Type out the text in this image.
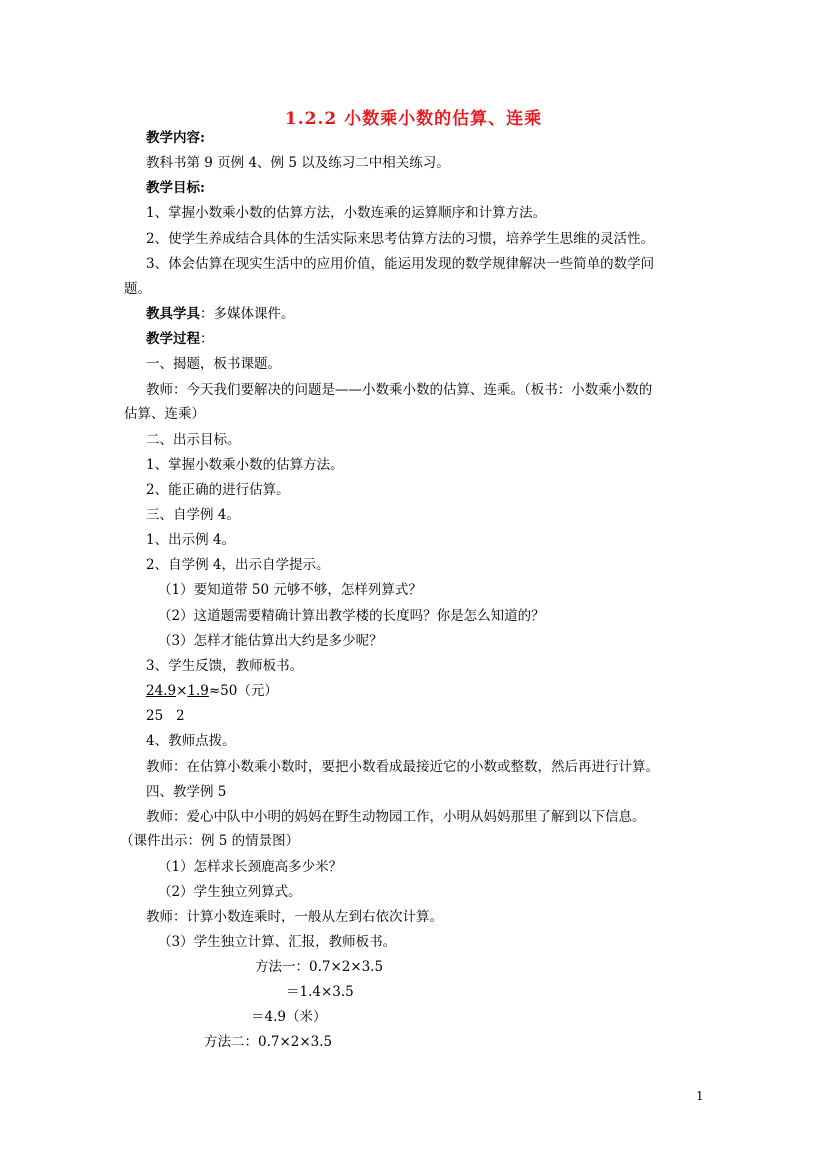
1.2.2 小数乘小数的估算、连乘
教学内容:
教科书第 9 页例 4、例 5 以及练习二中相关练习。
教学目标:
1、掌握小数乘小数的估算方法，小数连乘的运算顺序和计算方法。
2、使学生养成结合具体的生活实际来思考估算方法的习惯，培养学生思维的灵活性。
3、体会估算在现实生活中的应用价值，能运用发现的数学规律解决一些简单的数学问
题。
教具学具：多媒体课件。
教学过程：
一、揭题，板书课题。
教师：今天我们要解决的问题是——小数乘小数的估算、连乘。（板书：小数乘小数的
估算、连乘）
二、出示目标。
1、掌握小数乘小数的估算方法。
2、能正确的进行估算。
三、自学例 4。
1、出示例 4。
2、自学例 4，出示自学提示。
（1）要知道带 50 元够不够，怎样列算式？
（2）这道题需要精确计算出教学楼的长度吗？你是怎么知道的？
（3）怎样才能估算出大约是多少呢？
3、学生反馈，教师板书。
24.9×1.9≈50（元）
25   2
4、教师点拨。
教师：在估算小数乘小数时，要把小数看成最接近它的小数或整数，然后再进行计算。
四、教学例 5
教师：爱心中队中小明的妈妈在野生动物园工作，小明从妈妈那里了解到以下信息。
（课件出示：例 5 的情景图）
（1）怎样求长颈鹿高多少米？
（2）学生独立列算式。
教师：计算小数连乘时，一般从左到右依次计算。
（3）学生独立计算、汇报，教师板书。
方法一：0.7×2×3.5
＝1.4×3.5
＝4.9（米）
方法二：0.7×2×3.5
1
